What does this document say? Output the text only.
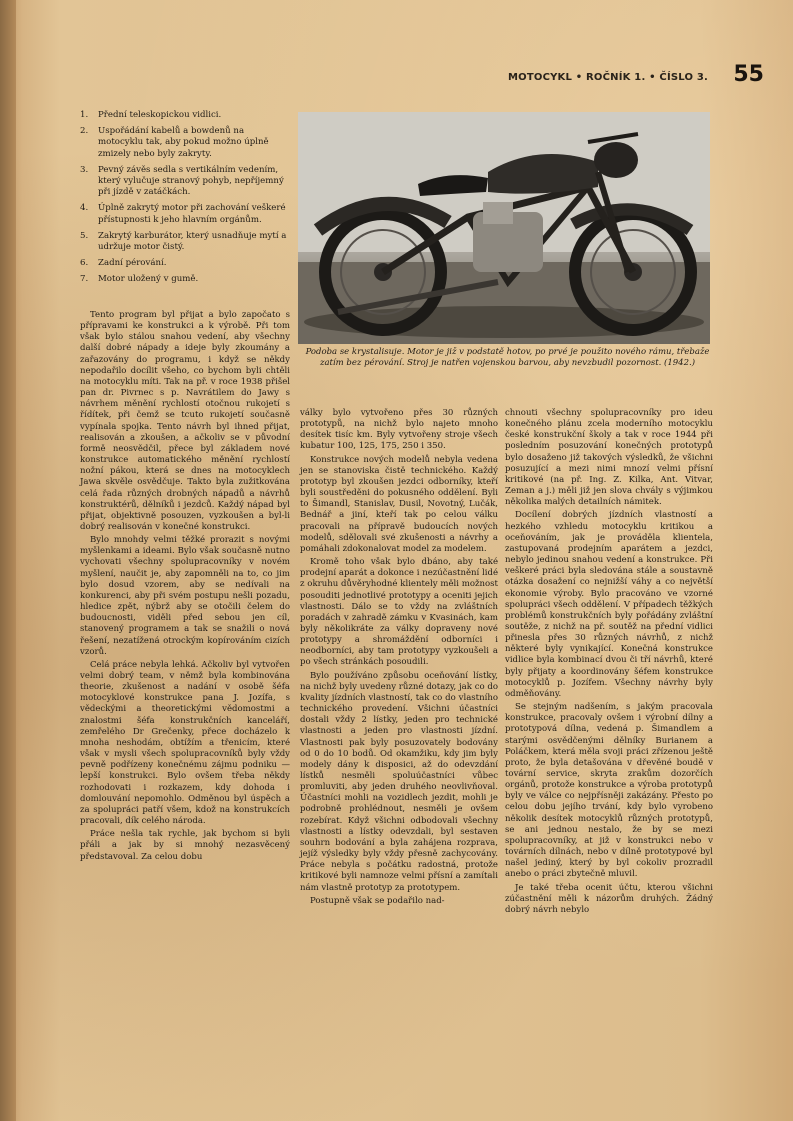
MOTOCYKL • ROČNÍK 1. • ČÍSLO 3. 55
1. Přední teleskopickou vidlici.
2. Uspořádání kabelů a bowdenů na motocyklu tak, aby pokud možno úplně zmizely nebo byly zakryty.
3. Pevný závěs sedla s vertikálním vedením, který vylučuje stranový pohyb, nepříjemný při jízdě v zatáčkách.
4. Úplně zakrytý motor při zachování veškeré přístupnosti k jeho hlavním orgánům.
5. Zakrytý karburátor, který usnadňuje mytí a udržuje motor čistý.
6. Zadní pérování.
7. Motor uložený v gumě.
Podoba se krystalisuje. Motor je již v podstatě hotov, po prvé je použito nového rámu, třebaže zatím bez pérování. Stroj je natřen vojenskou barvou, aby nevzbudil pozornost. (1942.)

Tento program byl přijat a bylo započato s přípravami ke konstrukci a k výrobě. Při tom však bylo stálou snahou vedení, aby všechny další dobré nápady a ideje byly zkoumány a zařazovány do programu, i když se někdy nepodařilo docílit všeho, co bychom byli chtěli na motocyklu míti. Tak na př. v roce 1938 přišel pan dr. Pivrnec s p. Navrátilem do Jawy s návrhem měnění rychlostí otočnou rukojetí s řídítek, při čemž se tcuto rukojetí současně vypínala spojka. Tento návrh byl ihned přijat, realisován a zkoušen, a ačkoliv se v původní formě neosvědčil, přece byl základem nové konstrukce automatického měnění rychlostí nožní pákou, která se dnes na motocyklech Jawa skvěle osvědčuje. Takto byla zužitkována celá řada různých drobných nápadů a návrhů konstruktérů, dělníků i jezdců. Každý nápad byl přijat, objektivně posouzen, vyzkoušen a byl-li dobrý realisován v konečné konstrukci.

Bylo mnohdy velmi těžké prorazit s novými myšlenkami a ideami. Bylo však současně nutno vychovati všechny spolupracovníky v novém myšlení, naučit je, aby zapomněli na to, co jim bylo dosud vzorem, aby se nedívali na konkurenci, aby při svém postupu nešli pozadu, hledice zpět, nýbrž aby se otočili čelem do budoucnosti, viděli před sebou jen cíl, stanovený programem a tak se snažili o nová řešení, nezatížená otrockým kopírováním cizích vzorů.

Celá práce nebyla lehká. Ačkoliv byl vytvořen velmi dobrý team, v němž byla kombinována theorie, zkušenost a nadání v osobě šéfa motocyklové konstrukce pana J. Jozífa, s vědeckými a theoretickými vědomostmi a znalostmi šéfa konstrukčních kanceláří, zemřelého Dr Grečenky, přece docházelo k mnoha neshodám, obtížím a třenicím, které však v mysli všech spolupracovníků byly vždy pevně podřízeny konečnému zájmu podniku — lepší konstrukci. Bylo ovšem třeba někdy rozhodovati i rozkazem, kdy dohoda i domlouvání nepomohlo. Odměnou byl úspěch a za spolupráci patří všem, kdož na konstrukcích pracovali, dík celého národa.

Práce nešla tak rychle, jak bychom si byli přáli a jak by si mnohý nezasvěcený představoval. Za celou dobu

války bylo vytvořeno přes 30 různých prototypů, na nichž bylo najeto mnoho desítek tisíc km. Byly vytvořeny stroje všech kubatur 100, 125, 175, 250 i 350.

Konstrukce nových modelů nebyla vedena jen se stanoviska čistě technického. Každý prototyp byl zkoušen jezdci odborníky, kteří byli soustředěni do pokusného oddělení. Byli to Šimandl, Stanislav, Dusil, Novotný, Lučák, Bednář a jiní, kteří tak po celou válku pracovali na přípravě budoucích nových modelů, sdělovali své zkušenosti a návrhy a pomáhali zdokonalovat model za modelem.

Kromě toho však bylo dbáno, aby také prodejní aparát a dokonce i nezúčastnění lidé z okruhu důvěryhodné klientely měli možnost posouditi jednotlivé prototypy a oceniti jejich vlastnosti. Dálo se to vždy na zvláštních poradách v zahradě zámku v Kvasinách, kam byly několikráte za války dopraveny nové prototypy a shromáždění odborníci i neodborníci, aby tam prototypy vyzkoušeli a po všech stránkách posoudili.

Bylo používáno způsobu oceňování lístky, na nichž byly uvedeny různé dotazy, jak co do kvality jízdních vlastností, tak co do vlastního technického provedení. Všichni účastníci dostali vždy 2 lístky, jeden pro technické vlastnosti a jeden pro vlastnosti jízdní. Vlastnosti pak byly posuzovately bodovány od 0 do 10 bodů. Od okamžiku, kdy jim byly modely dány k disposici, až do odevzdání lístků nesměli spoluúčastníci vůbec promluviti, aby jeden druhého neovlivňoval. Účastníci mohli na vozidlech jezdit, mohli je podrobně prohlédnout, nesměli je ovšem rozebírat. Když všichni odbodovali všechny vlastnosti a lístky odevzdali, byl sestaven souhrn bodování a byla zahájena rozprava, jejíž výsledky byly vždy přesně zachycovány. Práce nebyla s počátku radostná, protože kritikové byli namnoze velmi přísní a zamítali nám vlastně prototyp za prototypem.

Postupně však se podařilo nad-

chnouti všechny spolupracovníky pro ideu konečného plánu zcela moderního motocyklu české konstrukční školy a tak v roce 1944 při posledním posuzování konečných prototypů bylo dosaženo již takových výsledků, že všichni posuzující a mezi nimi mnozí velmi přísní kritikové (na př. Ing. Z. Kilka, Ant. Vitvar, Zeman a j.) měli již jen slova chvály s výjimkou několika malých detailních námitek.

Docílení dobrých jízdních vlastností a hezkého vzhledu motocyklu kritikou a oceňováním, jak je prováděla klientela, zastupovaná prodejním aparátem a jezdci, nebylo jedinou snahou vedení a konstrukce. Při veškeré práci byla sledována stále a soustavně otázka dosažení co nejnižší váhy a co největší ekonomie výroby. Bylo pracováno ve vzorné spolupráci všech oddělení. V případech těžkých problémů konstrukčních byly pořádány zvláštní soutěže, z nichž na př. soutěž na přední vidlici přinesla přes 30 různých návrhů, z nichž některé byly vynikající. Konečná konstrukce vidlice byla kombinací dvou či tří návrhů, které byly přijaty a koordinovány šéfem konstrukce motocyklů p. Jozífem. Všechny návrhy byly odměňovány.

Se stejným nadšením, s jakým pracovala konstrukce, pracovaly ovšem i výrobní dílny a prototypová dílna, vedená p. Šimandlem a starými osvědčenými dělníky Burianem a Poláčkem, která měla svoji práci zřízenou ještě proto, že byla detašována v dřevěné boudě v tovární service, skryta zrakům dozorčích orgánů, protože konstrukce a výroba prototypů byly ve válce co nejpřísněji zakázány. Přesto po celou dobu jejího trvání, kdy bylo vyrobeno několik desítek motocyklů různých prototypů, se ani jednou nestalo, že by se mezi spolupracovníky, at již v konstrukci nebo v továrních dílnách, nebo v dílně prototypové byl našel jediný, který by byl cokoliv prozradil anebo o práci zbytečně mluvil.

Je také třeba ocenit účtu, kterou všichni zúčastnění měli k názorům druhých. Žádný dobrý návrh nebylo
